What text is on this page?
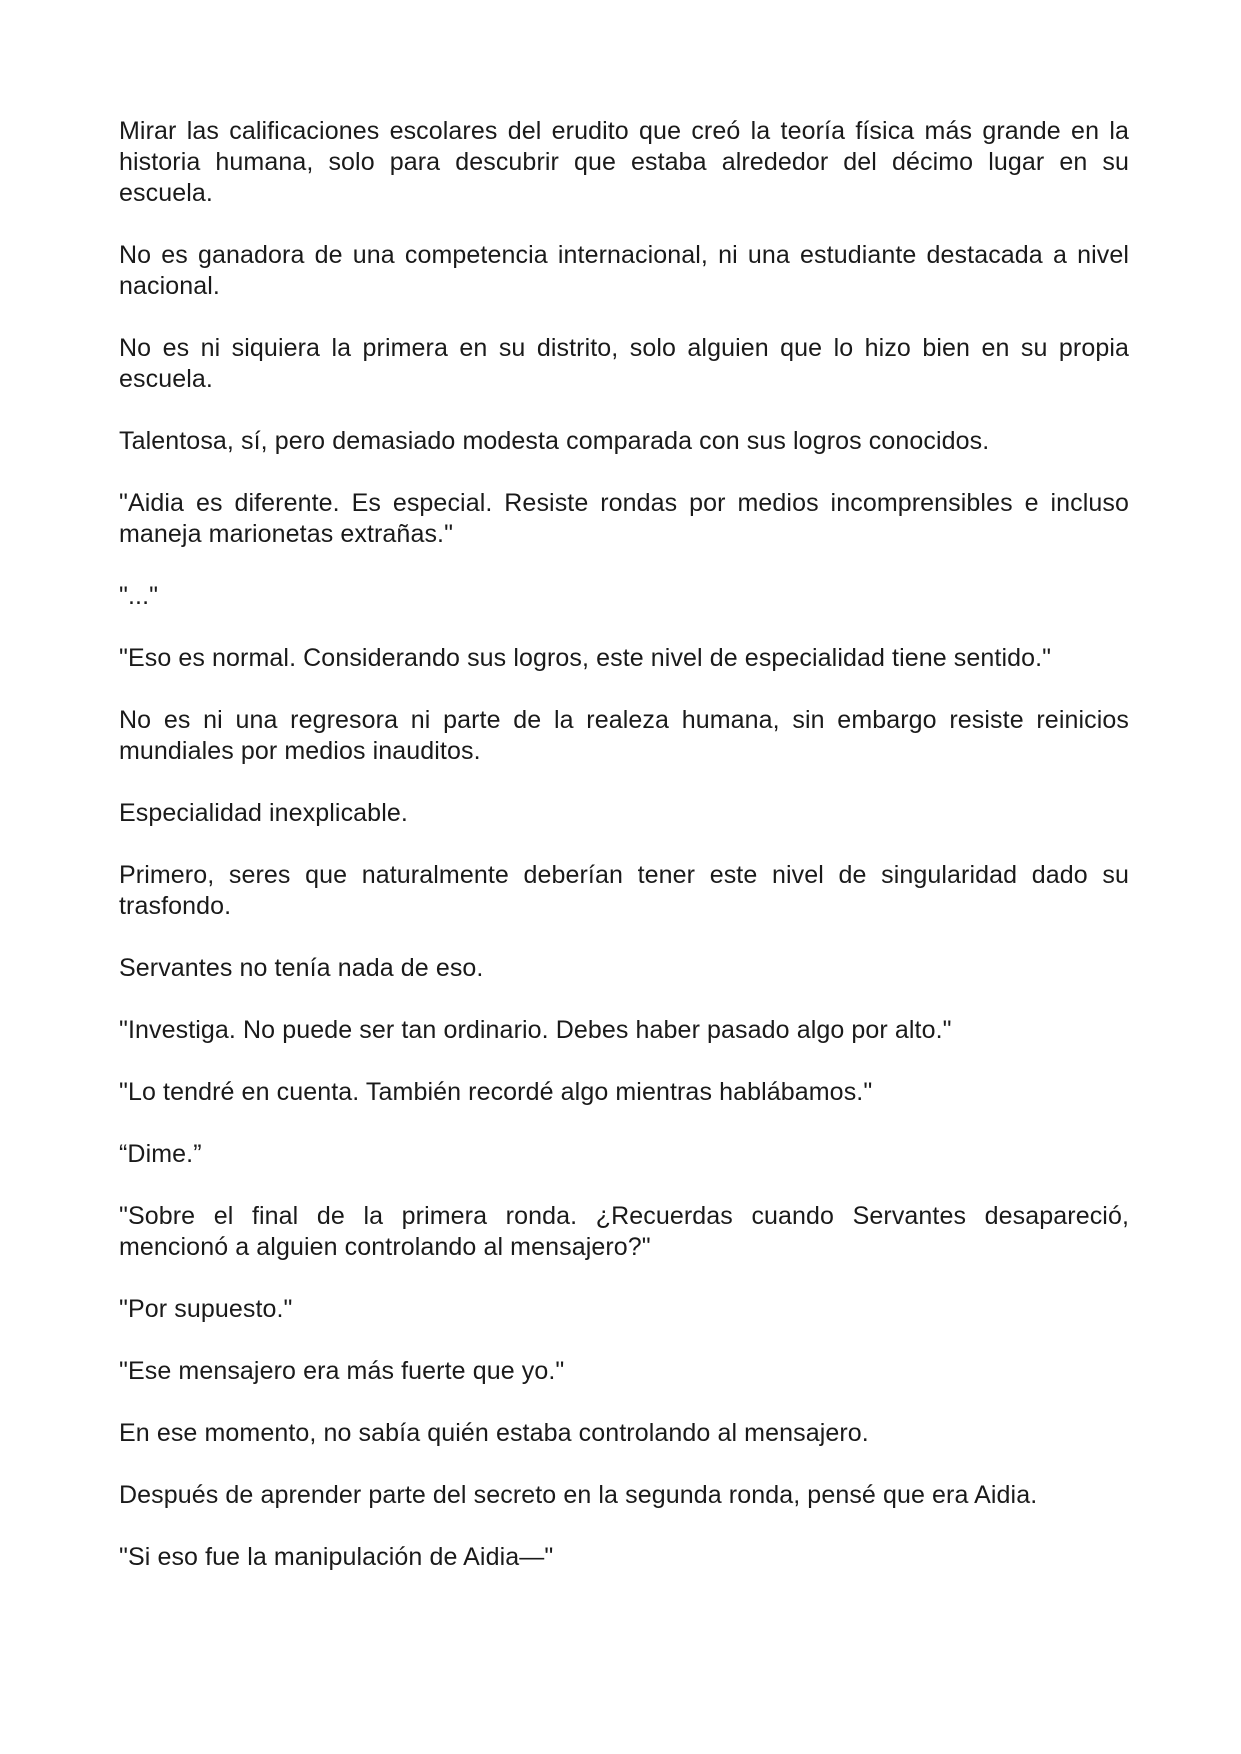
Mirar las calificaciones escolares del erudito que creó la teoría física más grande en la historia humana, solo para descubrir que estaba alrededor del décimo lugar en su escuela.

No es ganadora de una competencia internacional, ni una estudiante destacada a nivel nacional.

No es ni siquiera la primera en su distrito, solo alguien que lo hizo bien en su propia escuela.

Talentosa, sí, pero demasiado modesta comparada con sus logros conocidos.

"Aidia es diferente. Es especial. Resiste rondas por medios incomprensibles e incluso maneja marionetas extrañas."

"..."

"Eso es normal. Considerando sus logros, este nivel de especialidad tiene sentido."

No es ni una regresora ni parte de la realeza humana, sin embargo resiste reinicios mundiales por medios inauditos.

Especialidad inexplicable.

Primero, seres que naturalmente deberían tener este nivel de singularidad dado su trasfondo.

Servantes no tenía nada de eso.

"Investiga. No puede ser tan ordinario. Debes haber pasado algo por alto."

"Lo tendré en cuenta. También recordé algo mientras hablábamos."

“Dime.”

"Sobre el final de la primera ronda. ¿Recuerdas cuando Servantes desapareció, mencionó a alguien controlando al mensajero?"

"Por supuesto."

"Ese mensajero era más fuerte que yo."

En ese momento, no sabía quién estaba controlando al mensajero.

Después de aprender parte del secreto en la segunda ronda, pensé que era Aidia.

"Si eso fue la manipulación de Aidia—"
